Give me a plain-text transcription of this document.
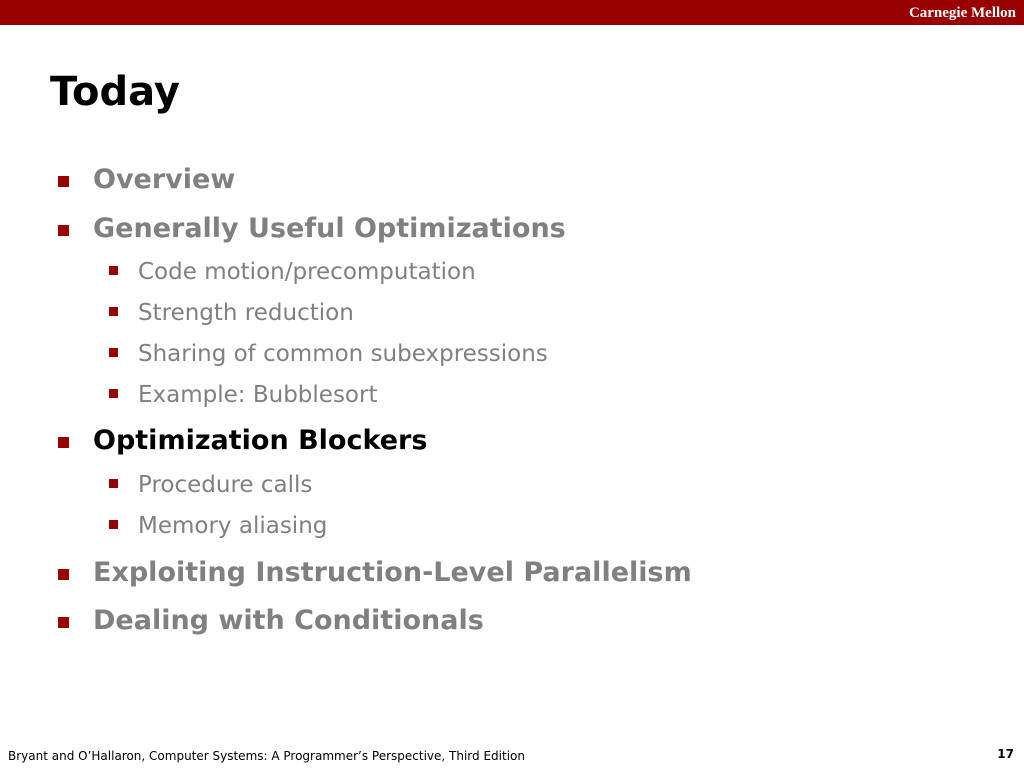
Carnegie Mellon
Today
Overview
Generally Useful Optimizations
Code motion/precomputation
Strength reduction
Sharing of common subexpressions
Example: Bubblesort
Optimization Blockers
Procedure calls
Memory aliasing
Exploiting Instruction-Level Parallelism
Dealing with Conditionals
Bryant and O’Hallaron, Computer Systems: A Programmer’s Perspective, Third Edition	17
